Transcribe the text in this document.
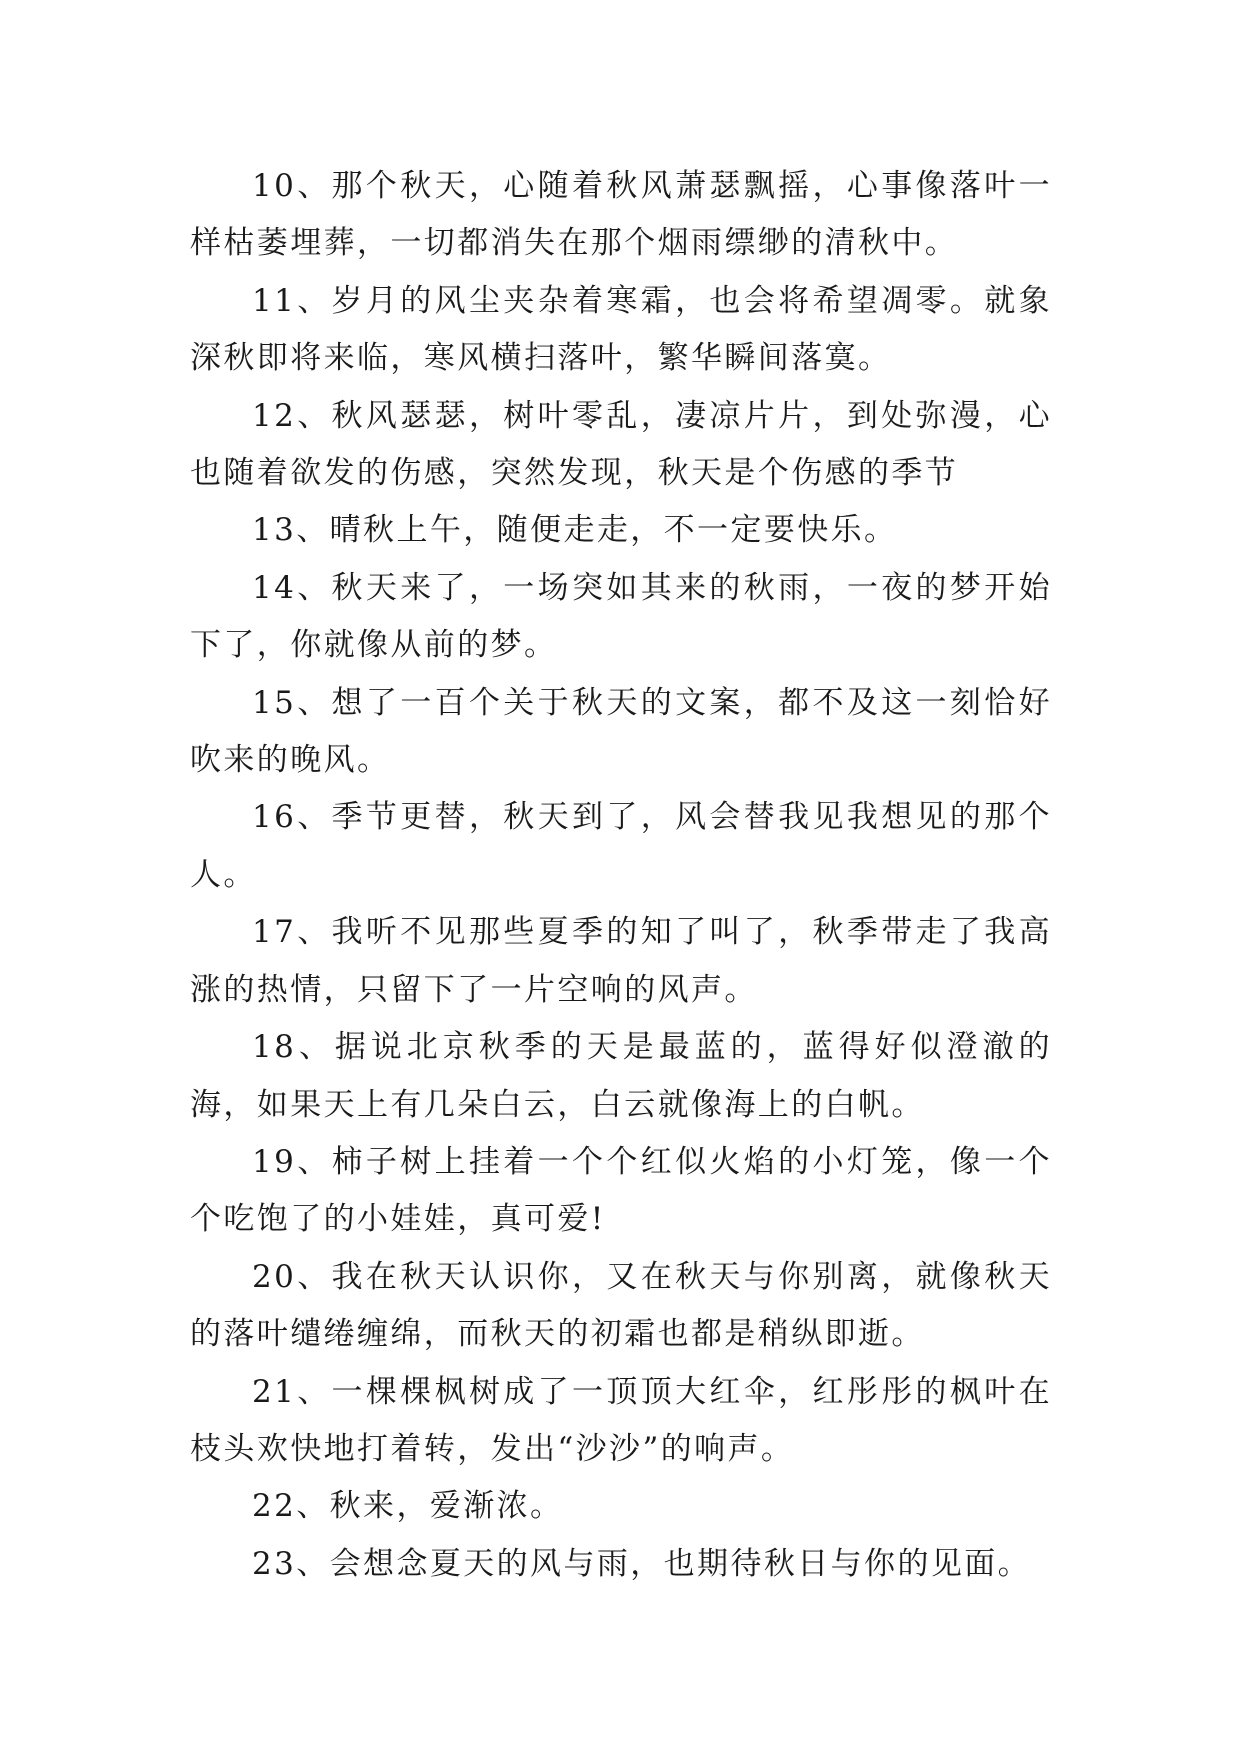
10、那个秋天，心随着秋风萧瑟飘摇，心事像落叶一样枯萎埋葬，一切都消失在那个烟雨缥缈的清秋中。

11、岁月的风尘夹杂着寒霜，也会将希望凋零。就象深秋即将来临，寒风横扫落叶，繁华瞬间落寞。

12、秋风瑟瑟，树叶零乱，凄凉片片，到处弥漫，心也随着欲发的伤感，突然发现，秋天是个伤感的季节

13、晴秋上午，随便走走，不一定要快乐。

14、秋天来了，一场突如其来的秋雨，一夜的梦开始下了，你就像从前的梦。

15、想了一百个关于秋天的文案，都不及这一刻恰好吹来的晚风。

16、季节更替，秋天到了，风会替我见我想见的那个人。

17、我听不见那些夏季的知了叫了，秋季带走了我高涨的热情，只留下了一片空响的风声。

18、据说北京秋季的天是最蓝的，蓝得好似澄澈的海，如果天上有几朵白云，白云就像海上的白帆。

19、柿子树上挂着一个个红似火焰的小灯笼，像一个个吃饱了的小娃娃，真可爱!

20、我在秋天认识你，又在秋天与你别离，就像秋天的落叶缱绻缠绵，而秋天的初霜也都是稍纵即逝。

21、一棵棵枫树成了一顶顶大红伞，红彤彤的枫叶在枝头欢快地打着转，发出“沙沙”的响声。

22、秋来，爱渐浓。

23、会想念夏天的风与雨，也期待秋日与你的见面。
